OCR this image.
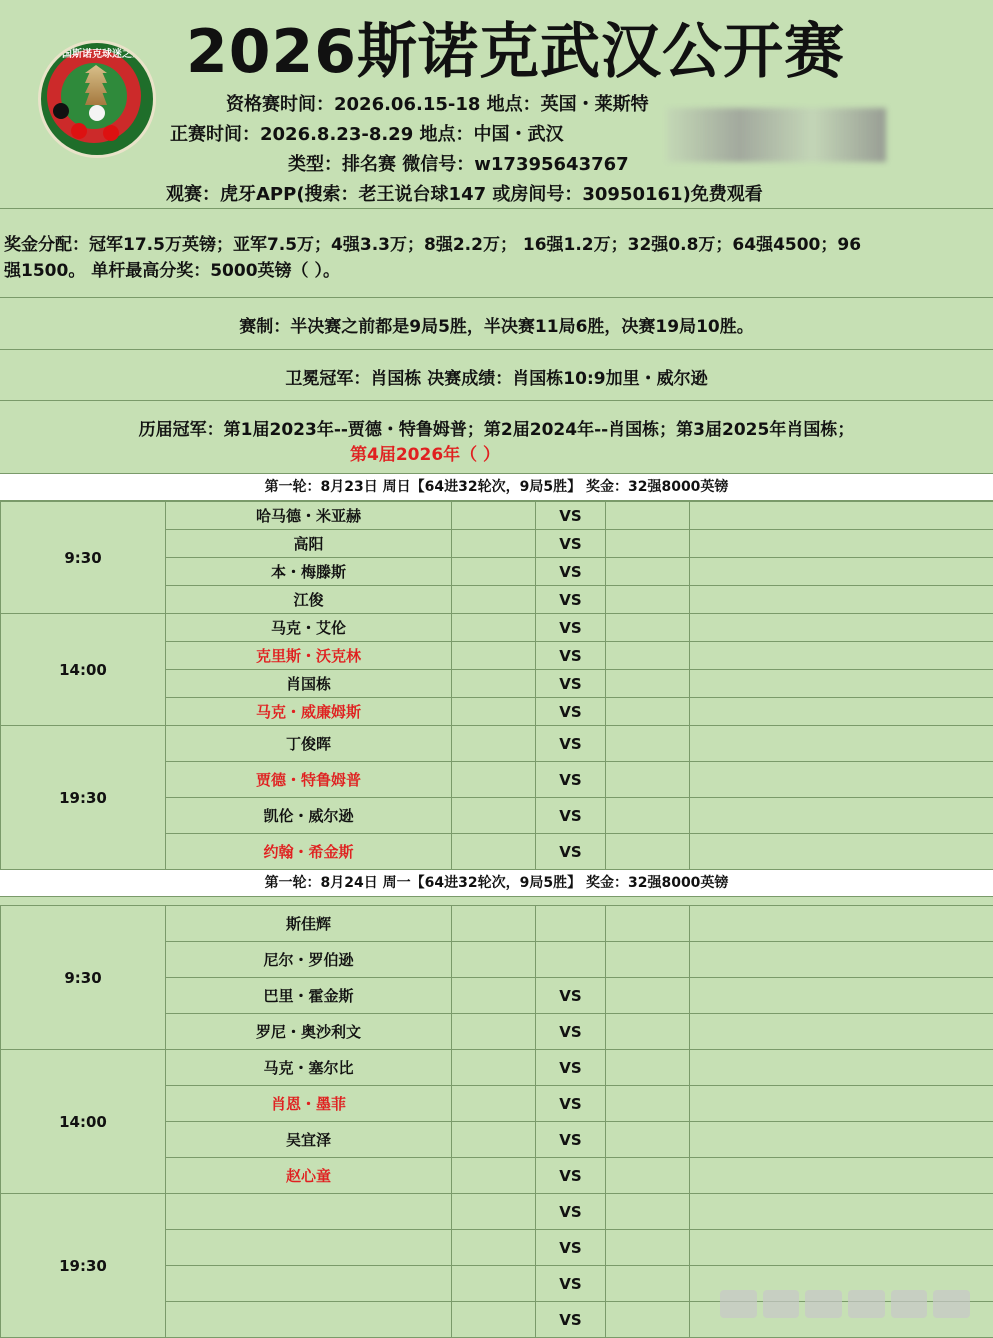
中国斯诺克球迷之家 2026斯诺克武汉公开赛
资格赛时间：2026.06.15-18 地点：英国・莱斯特
正赛时间：2026.8.23-8.29 地点：中国・武汉
类型：排名赛 微信号：w17395643767
观赛：虎牙APP(搜索：老王说台球147 或房间号：30950161)免费观看
奖金分配：冠军17.5万英镑；亚军7.5万；4强3.3万；8强2.2万； 16强1.2万；32强0.8万；64强4500；96
强1500。 单杆最高分奖：5000英镑（ ）。
赛制：半决赛之前都是9局5胜，半决赛11局6胜，决赛19局10胜。
卫冕冠军：肖国栋 决赛成绩：肖国栋10:9加里・威尔逊
历届冠军：第1届2023年--贾德・特鲁姆普；第2届2024年--肖国栋；第3届2025年肖国栋；
第4届2026年（ ）
第一轮：8月23日 周日【64进32轮次，9局5胜】 奖金：32强8000英镑
9:30	哈马德・米亚赫		VS			
	高阳		VS			
	本・梅滕斯		VS			
	江俊		VS			
14:00	马克・艾伦		VS			
	克里斯・沃克林		VS			
	肖国栋		VS			
	马克・威廉姆斯		VS			
19:30	丁俊晖		VS			
	贾德・特鲁姆普		VS			
	凯伦・威尔逊		VS			
	约翰・希金斯		VS			
第一轮：8月24日 周一【64进32轮次，9局5胜】 奖金：32强8000英镑
9:30	斯佳辉					
	尼尔・罗伯逊					
	巴里・霍金斯		VS			
	罗尼・奥沙利文		VS			
14:00	马克・塞尔比		VS			
	肖恩・墨菲		VS			
	吴宜泽		VS			
	赵心童		VS			
19:30			VS			
			VS			
			VS			
			VS			
